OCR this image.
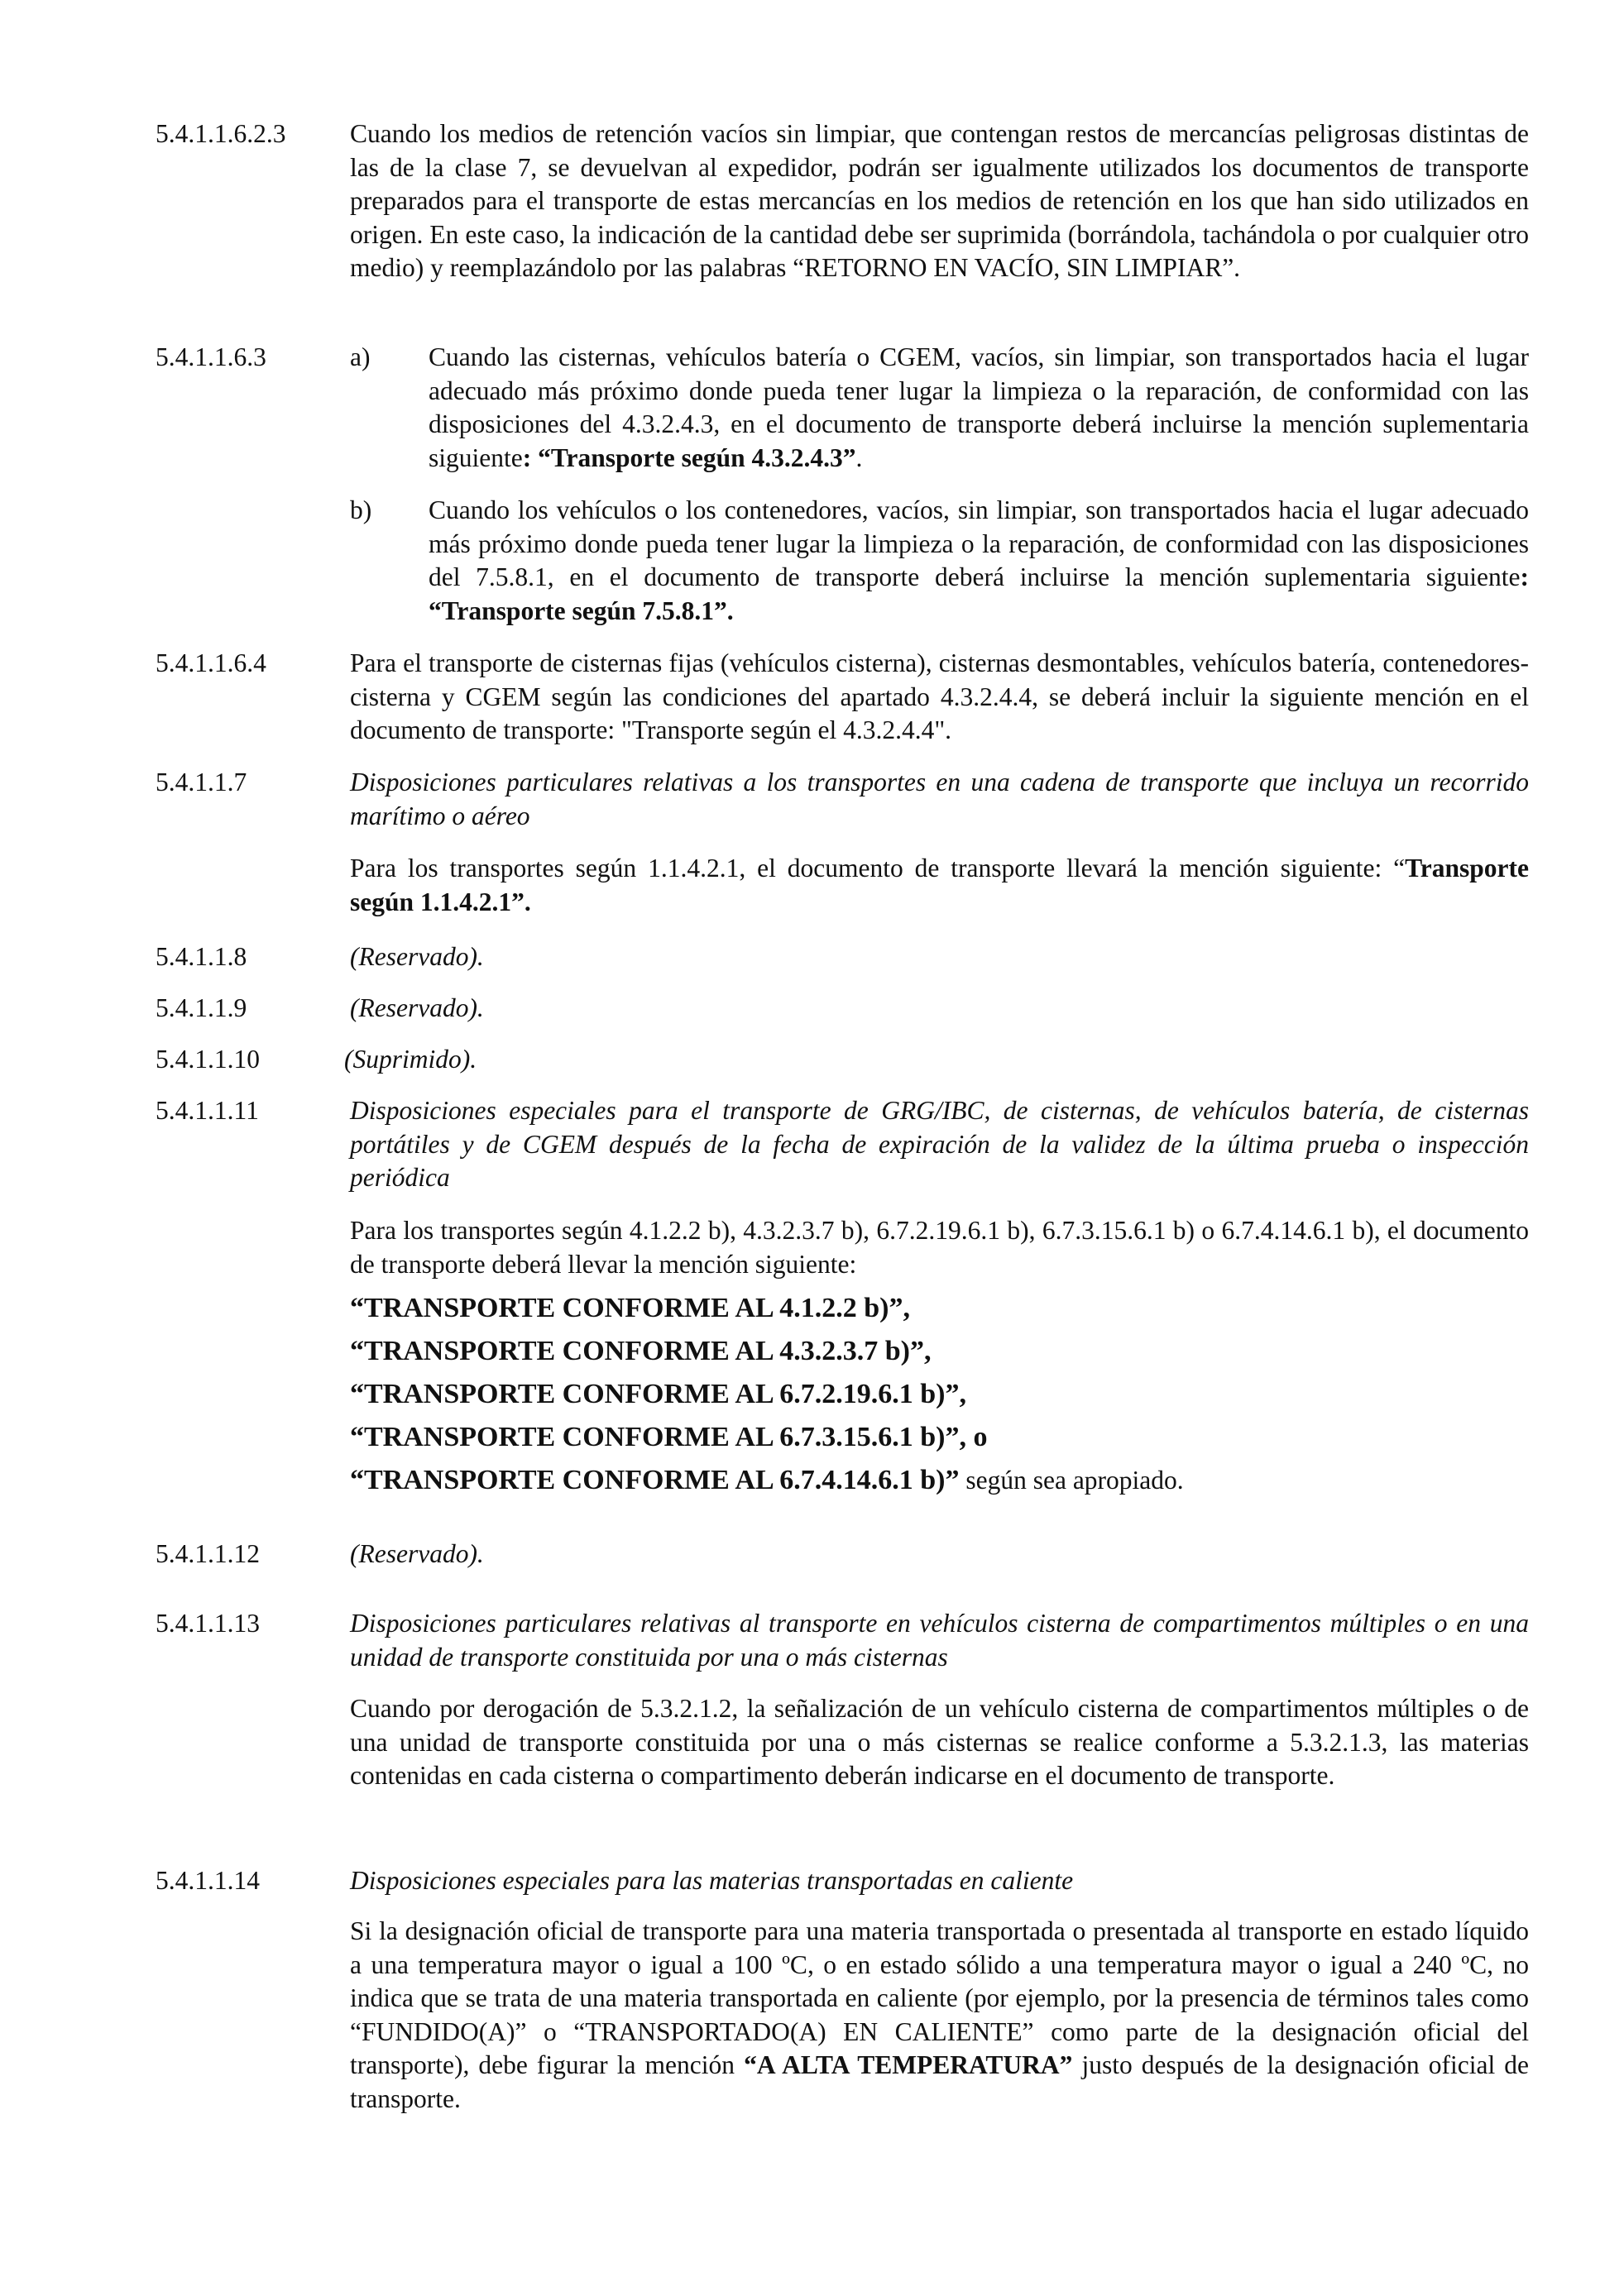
5.4.1.1.6.2.3 Cuando los medios de retención vacíos sin limpiar, que contengan restos de mercancías peligrosas distintas de las de la clase 7, se devuelvan al expedidor, podrán ser igualmente utilizados los documentos de transporte preparados para el transporte de estas mercancías en los medios de retención en los que han sido utilizados en origen. En este caso, la indicación de la cantidad debe ser suprimida (borrándola, tachándola o por cualquier otro medio) y reemplazándolo por las palabras “RETORNO EN VACÍO, SIN LIMPIAR”.
5.4.1.1.6.3	a) Cuando las cisternas, vehículos batería o CGEM, vacíos, sin limpiar, son transportados hacia el lugar adecuado más próximo donde pueda tener lugar la limpieza o la reparación, de conformidad con las disposiciones del 4.3.2.4.3, en el documento de transporte deberá incluirse la mención suplementaria siguiente: “Transporte según 4.3.2.4.3”.
b) Cuando los vehículos o los contenedores, vacíos, sin limpiar, son transportados hacia el lugar adecuado más próximo donde pueda tener lugar la limpieza o la reparación, de conformidad con las disposiciones del 7.5.8.1, en el documento de transporte deberá incluirse la mención suplementaria siguiente: “Transporte según 7.5.8.1”.
5.4.1.1.6.4	Para el transporte de cisternas fijas (vehículos cisterna), cisternas desmontables, vehículos batería, contenedores-cisterna y CGEM según las condiciones del apartado 4.3.2.4.4, se deberá incluir la siguiente mención en el documento de transporte: "Transporte según el 4.3.2.4.4".
5.4.1.1.7	Disposiciones particulares relativas a los transportes en una cadena de transporte que incluya un recorrido marítimo o aéreo
Para los transportes según 1.1.4.2.1, el documento de transporte llevará la mención siguiente: “Transporte según 1.1.4.2.1”.
5.4.1.1.8	(Reservado).
5.4.1.1.9	(Reservado).
5.4.1.1.10	(Suprimido).
5.4.1.1.11	Disposiciones especiales para el transporte de GRG/IBC, de cisternas, de vehículos batería, de cisternas portátiles y de CGEM después de la fecha de expiración de la validez de la última prueba o inspección periódica
Para los transportes según 4.1.2.2 b), 4.3.2.3.7 b), 6.7.2.19.6.1 b), 6.7.3.15.6.1 b) o 6.7.4.14.6.1 b), el documento de transporte deberá llevar la mención siguiente:
“TRANSPORTE CONFORME AL 4.1.2.2 b)”,
“TRANSPORTE CONFORME AL 4.3.2.3.7 b)”,
“TRANSPORTE CONFORME AL 6.7.2.19.6.1 b)”,
“TRANSPORTE CONFORME AL 6.7.3.15.6.1 b)”, o
“TRANSPORTE CONFORME AL 6.7.4.14.6.1 b)” según sea apropiado.
5.4.1.1.12	(Reservado).
5.4.1.1.13	Disposiciones particulares relativas al transporte en vehículos cisterna de compartimentos múltiples o en una unidad de transporte constituida por una o más cisternas
Cuando por derogación de 5.3.2.1.2, la señalización de un vehículo cisterna de compartimentos múltiples o de una unidad de transporte constituida por una o más cisternas se realice conforme a 5.3.2.1.3, las materias contenidas en cada cisterna o compartimento deberán indicarse en el documento de transporte.
5.4.1.1.14	Disposiciones especiales para las materias transportadas en caliente
Si la designación oficial de transporte para una materia transportada o presentada al transporte en estado líquido a una temperatura mayor o igual a 100 ºC, o en estado sólido a una temperatura mayor o igual a 240 ºC, no indica que se trata de una materia transportada en caliente (por ejemplo, por la presencia de términos tales como “FUNDIDO(A)” o “TRANSPORTADO(A) EN CALIENTE” como parte de la designación oficial del transporte), debe figurar la mención “A ALTA TEMPERATURA” justo después de la designación oficial de transporte.
